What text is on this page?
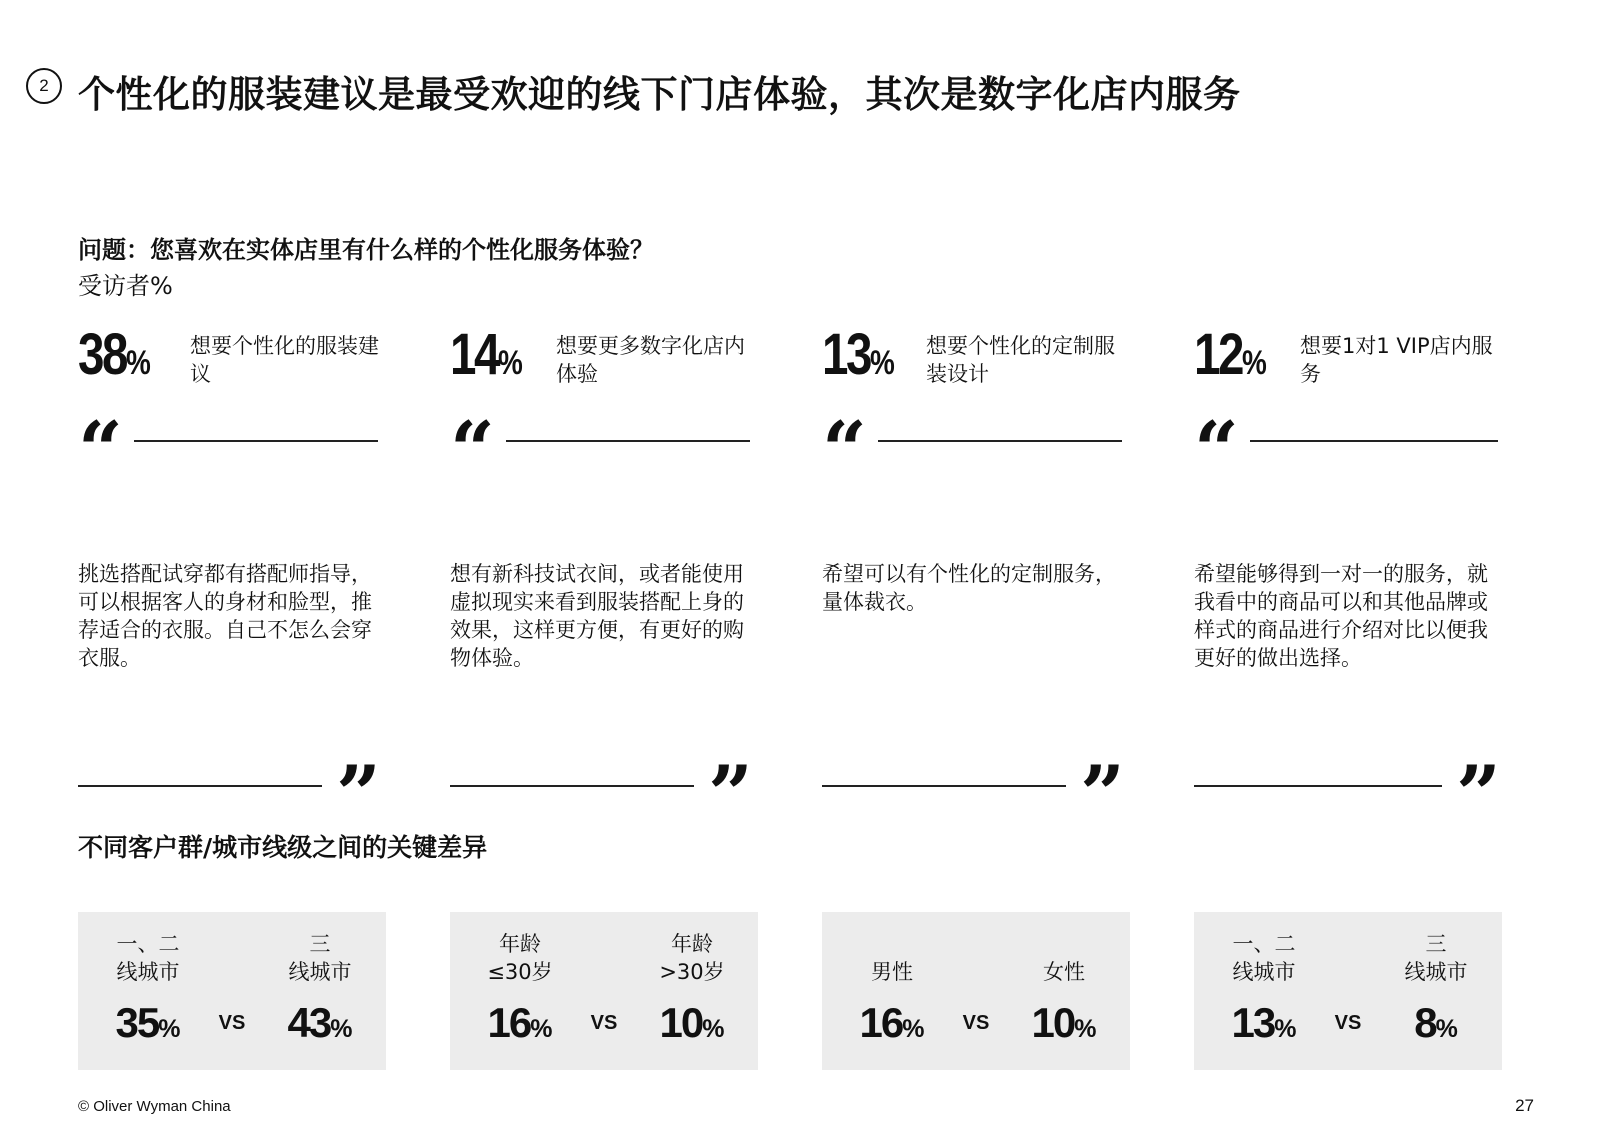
2 个性化的服装建议是最受欢迎的线下门店体验，其次是数字化店内服务
问题：您喜欢在实体店里有什么样的个性化服务体验？
受访者%
38% 想要个性化的服装建议
“
挑选搭配试穿都有搭配师指导，可以根据客人的身材和脸型，推荐适合的衣服。自己不怎么会穿衣服。
”
14% 想要更多数字化店内体验
“
想有新科技试衣间，或者能使用虚拟现实来看到服装搭配上身的效果，这样更方便，有更好的购物体验。
”
13% 想要个性化的定制服装设计
“
希望可以有个性化的定制服务，量体裁衣。
”
12% 想要1对1 VIP店内服务
“
希望能够得到一对一的服务，就我看中的商品可以和其他品牌或样式的商品进行介绍对比以便我更好的做出选择。
”
不同客户群/城市线级之间的关键差异
一、二
线城市
35%	VS
三
线城市
43%
年龄
≤30岁
16%	VS
年龄
>30岁
10%

男性
16%	VS

女性
10%
一、二
线城市
13%	VS
三
线城市
8%
© Oliver Wyman China	27
